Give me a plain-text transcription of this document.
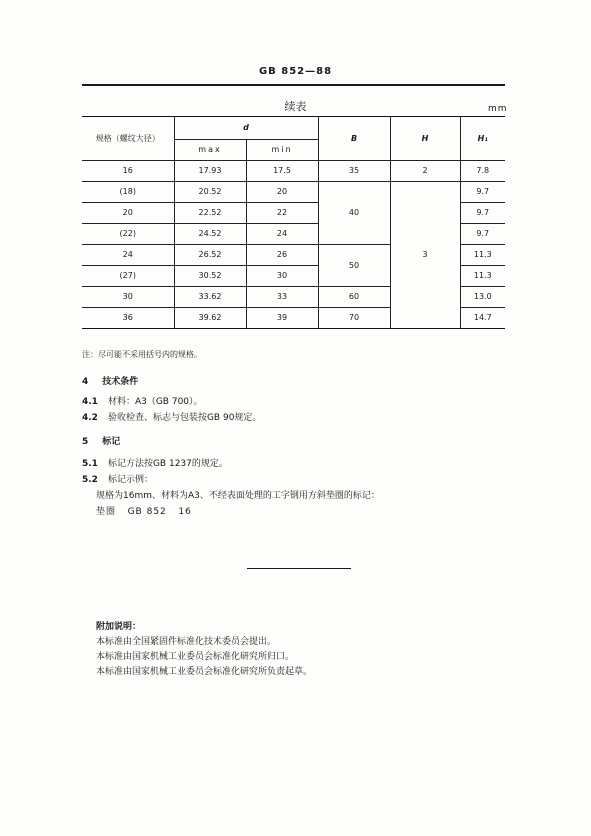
GB 852—88
续表	mm
规格（螺纹大径）	d		B	H	H₁
	max	min			
16	17.93	17.5	35	2	7.8
(18)	20.52	20	40	3	9.7
20	22.52	22			9.7
(22)	24.52	24			9.7
24	26.52	26	50		11.3
(27)	30.52	30			11.3
30	33.62	33	60		13.0
36	39.62	39	70		14.7
注：尽可能不采用括号内的规格。
4 技术条件
4.1 材料：A3（GB 700）。
4.2 验收检查、标志与包装按GB 90规定。
5 标记
5.1 标记方法按GB 1237的规定。
5.2 标记示例：
规格为16mm、材料为A3、不经表面处理的工字钢用方斜垫圈的标记：
垫圈   GB 852   16
附加说明：
本标准由全国紧固件标准化技术委员会提出。
本标准由国家机械工业委员会标准化研究所归口。
本标准由国家机械工业委员会标准化研究所负责起草。
